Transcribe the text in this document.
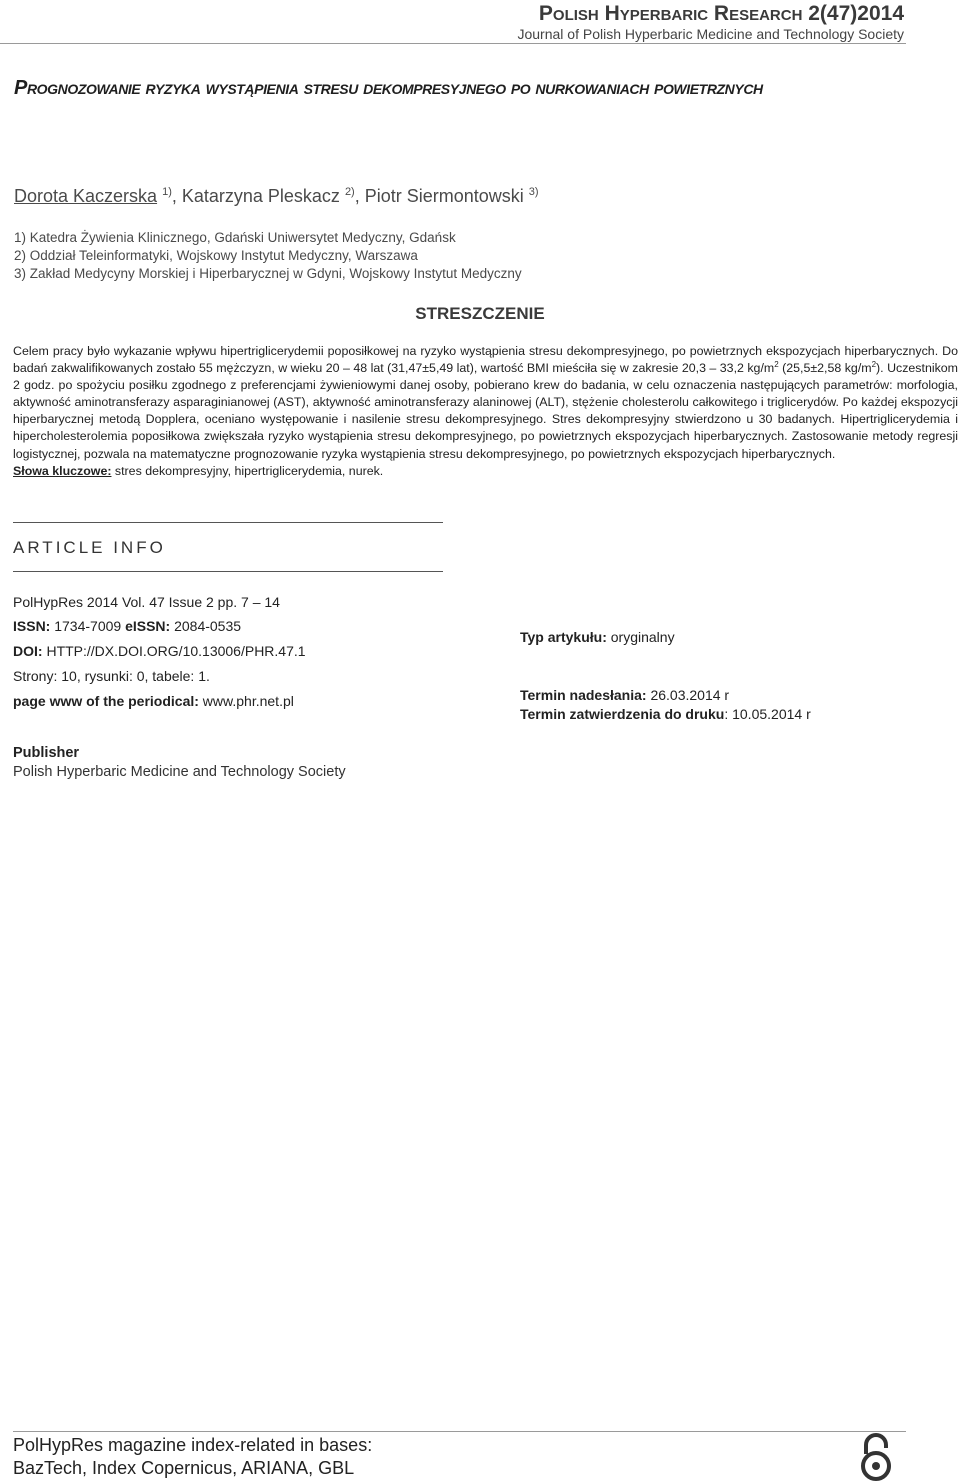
Polish Hyperbaric Research 2(47)2014
Journal of Polish Hyperbaric Medicine and Technology Society
Prognozowanie ryzyka wystąpienia stresu dekompresyjnego po nurkowaniach powietrznych
Dorota Kaczerska $^{1)}$, Katarzyna Pleskacz $^{2)}$, Piotr Siermontowski $^{3)}$
1) Katedra Żywienia Klinicznego, Gdański Uniwersytet Medyczny, Gdańsk
2) Oddział Teleinformatyki, Wojskowy Instytut Medyczny, Warszawa
3) Zakład Medycyny Morskiej i Hiperbarycznej w Gdyni, Wojskowy Instytut Medyczny
STRESZCZENIE
Celem pracy było wykazanie wpływu hipertriglicerydemii poposiłkowej na ryzyko wystąpienia stresu dekompresyjnego, po powietrznych ekspozycjach hiperbarycznych. Do badań zakwalifikowanych zostało 55 mężczyzn, w wieku 20 – 48 lat (31,47±5,49 lat), wartość BMI mieściła się w zakresie 20,3 – 33,2 $kg/m^2$ (25,5±2,58 $kg/m^2$). Uczestnikom 2 godz. po spożyciu posiłku zgodnego z preferencjami żywieniowymi danej osoby, pobierano krew do badania, w celu oznaczenia następujących parametrów: morfologia, aktywność aminotransferazy asparaginianowej (AST), aktywność aminotransferazy alaninowej (ALT), stężenie cholesterolu całkowitego i triglicerydów. Po każdej ekspozycji hiperbarycznej metodą Dopplera, oceniano występowanie i nasilenie stresu dekompresyjnego. Stres dekompresyjny stwierdzono u 30 badanych. Hipertriglicerydemia i hipercholesterolemia poposiłkowa zwiększała ryzyko wystąpienia stresu dekompresyjnego, po powietrznych ekspozycjach hiperbarycznych. Zastosowanie metody regresji logistycznej, pozwala na matematyczne prognozowanie ryzyka wystąpienia stresu dekompresyjnego, po powietrznych ekspozycjach hiperbarycznych.
Słowa kluczowe: stres dekompresyjny, hipertriglicerydemia, nurek.
ARTICLE INFO
PolHypRes 2014 Vol. 47 Issue 2 pp. 7 – 14
ISSN: 1734-7009 eISSN: 2084-0535
DOI: HTTP://DX.DOI.ORG/10.13006/PHR.47.1
Strony: 10, rysunki: 0, tabele: 1.
page www of the periodical: www.phr.net.pl
Typ artykułu: oryginalny
Termin nadesłania: 26.03.2014 r
Termin zatwierdzenia do druku: 10.05.2014 r
Publisher
Polish Hyperbaric Medicine and Technology Society
PolHypRes magazine index-related in bases:
BazTech, Index Copernicus, ARIANA, GBL
